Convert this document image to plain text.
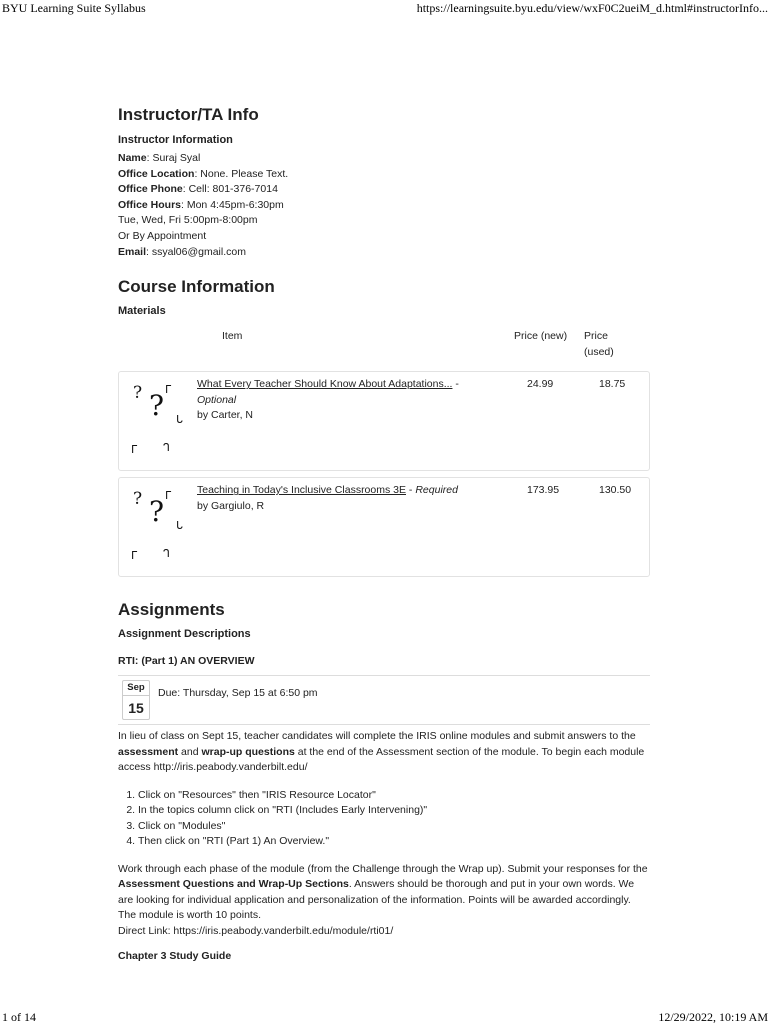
BYU Learning Suite Syllabus	https://learningsuite.byu.edu/view/wxF0C2ueiM_d.html#instructorInfo...
Instructor/TA Info
Instructor Information
Name: Suraj Syal
Office Location: None. Please Text.
Office Phone: Cell: 801-376-7014
Office Hours: Mon 4:45pm-6:30pm
Tue, Wed, Fri 5:00pm-8:00pm
Or By Appointment
Email: ssyal06@gmail.com
Course Information
Materials
Item	Price (new)	Price
(used)
? ? ᒥ
ᒐ
ᒥ ᒉ
What Every Teacher Should Know About Adaptations... -
Optional
by Carter, N
24.99	18.75
? ? ᒥ
ᒐ
ᒥ ᒉ
Teaching in Today's Inclusive Classrooms 3E - Required
by Gargiulo, R
173.95	130.50
Assignments
Assignment Descriptions
RTI: (Part 1) AN OVERVIEW
Sep
15
Due: Thursday, Sep 15 at 6:50 pm

In lieu of class on Sept 15, teacher candidates will complete the IRIS online modules and submit answers to the assessment and wrap-up questions at the end of the Assessment section of the module. To begin each module access http://iris.peabody.vanderbilt.edu/

1. Click on "Resources" then "IRIS Resource Locator"
2. In the topics column click on "RTI (Includes Early Intervening)"
3. Click on "Modules"
4. Then click on "RTI (Part 1) An Overview."

Work through each phase of the module (from the Challenge through the Wrap up). Submit your responses for the Assessment Questions and Wrap-Up Sections. Answers should be thorough and put in your own words. We are looking for individual application and personalization of the information. Points will be awarded accordingly. The module is worth 10 points.

Direct Link: https://iris.peabody.vanderbilt.edu/module/rti01/

Chapter 3 Study Guide
1 of 14	12/29/2022, 10:19 AM
